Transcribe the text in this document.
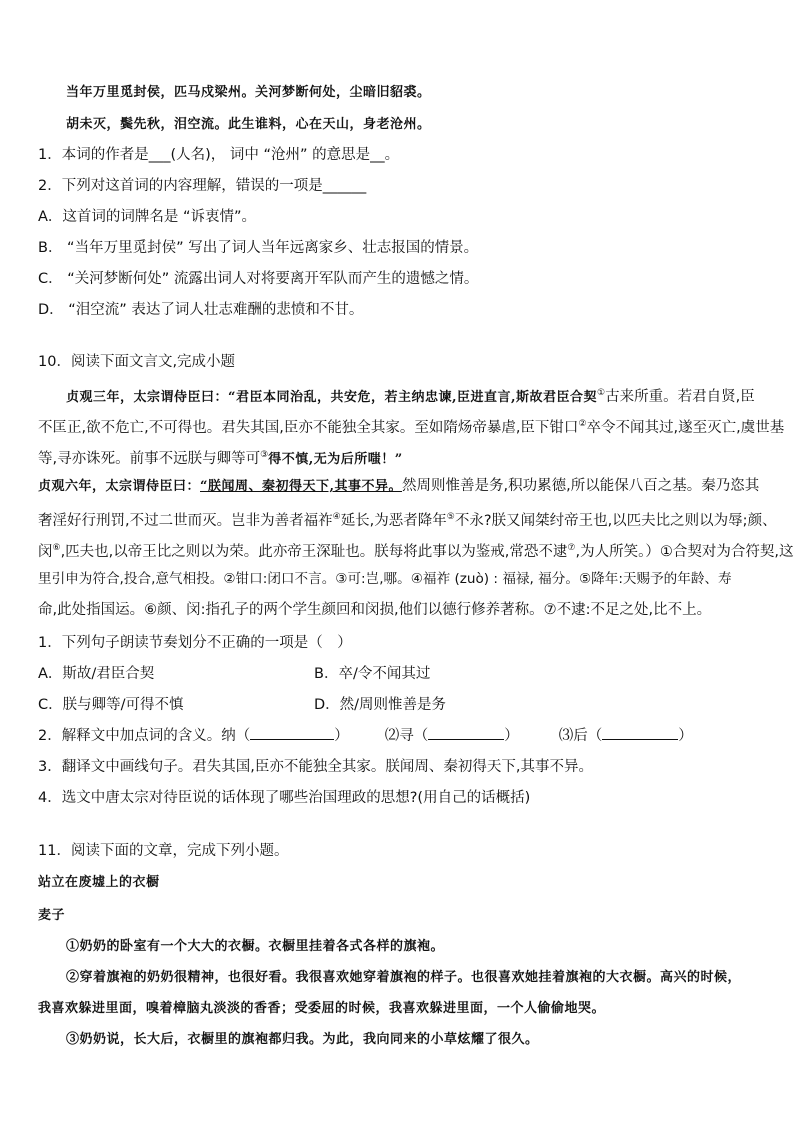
当年万里觅封侯，匹马戍梁州。关河梦断何处，尘暗旧貂裘。
胡未灭，鬓先秋，泪空流。此生谁料，心在天山，身老沧州。
1．本词的作者是___(人名)， 词中 “沧州” 的意思是__。
2．下列对这首词的内容理解，错误的一项是______
A．这首词的词牌名是 “诉衷情”。
B． “当年万里觅封侯” 写出了词人当年远离家乡、壮志报国的情景。
C． “关河梦断何处” 流露出词人对将要离开军队而产生的遗憾之情。
D． “泪空流” 表达了词人壮志难酬的悲愤和不甘。
10．阅读下面文言文,完成小题
贞观三年，太宗谓侍臣曰：“君臣本同治乱，共安危，若主纳忠谏,臣进直言,斯故君臣合契①古来所重。若君自贤,臣
不匡正,欲不危亡,不可得也。君失其国,臣亦不能独全其家。至如隋炀帝暴虐,臣下钳口②卒令不闻其过,遂至灭亡,虞世基
等,寻亦诛死。前事不远朕与卿等可③得不慎,无为后所嗤！”
贞观六年，太宗谓侍臣曰：“朕闻周、秦初得天下,其事不异。然周则惟善是务,积功累德,所以能保八百之基。秦乃恣其
奢淫好行刑罚,不过二世而灭。岂非为善者福祚④延长,为恶者降年⑤不永?朕又闻桀纣帝王也,以匹夫比之则以为辱;颜、
闵⑥,匹夫也,以帝王比之则以为荣。此亦帝王深耻也。朕每将此事以为鉴戒,常恐不逮⑦,为人所笑。）①合契对为合符契,这
里引申为符合,投合,意气相投。②钳口:闭口不言。③可:岂,哪。④福祚 (zuò) : 福禄, 福分。⑤降年:天赐予的年龄、寿
命,此处指国运。⑥颜、闵:指孔子的两个学生颜回和闵损,他们以德行修养著称。⑦不逮:不足之处,比不上。
1．下列句子朗读节奏划分不正确的一项是（　）
A．斯故/君臣合契	B．卒/令不闻其过
C．朕与卿等/可得不慎	D．然/周则惟善是务
2．解释文中加点词的含义。纳（	） ⑵寻（	）	⑶后（	）
3．翻译文中画线句子。君失其国,臣亦不能独全其家。朕闻周、秦初得天下,其事不异。
4．选文中唐太宗对待臣说的话体现了哪些治国理政的思想?(用自己的话概括)
11．阅读下面的文章，完成下列小题。
站立在废墟上的衣橱
麦子
①奶奶的卧室有一个大大的衣橱。衣橱里挂着各式各样的旗袍。
②穿着旗袍的奶奶很精神，也很好看。我很喜欢她穿着旗袍的样子。也很喜欢她挂着旗袍的大衣橱。高兴的时候，
我喜欢躲进里面，嗅着樟脑丸淡淡的香香；受委屈的时候，我喜欢躲进里面，一个人偷偷地哭。
③奶奶说，长大后，衣橱里的旗袍都归我。为此，我向同来的小草炫耀了很久。
